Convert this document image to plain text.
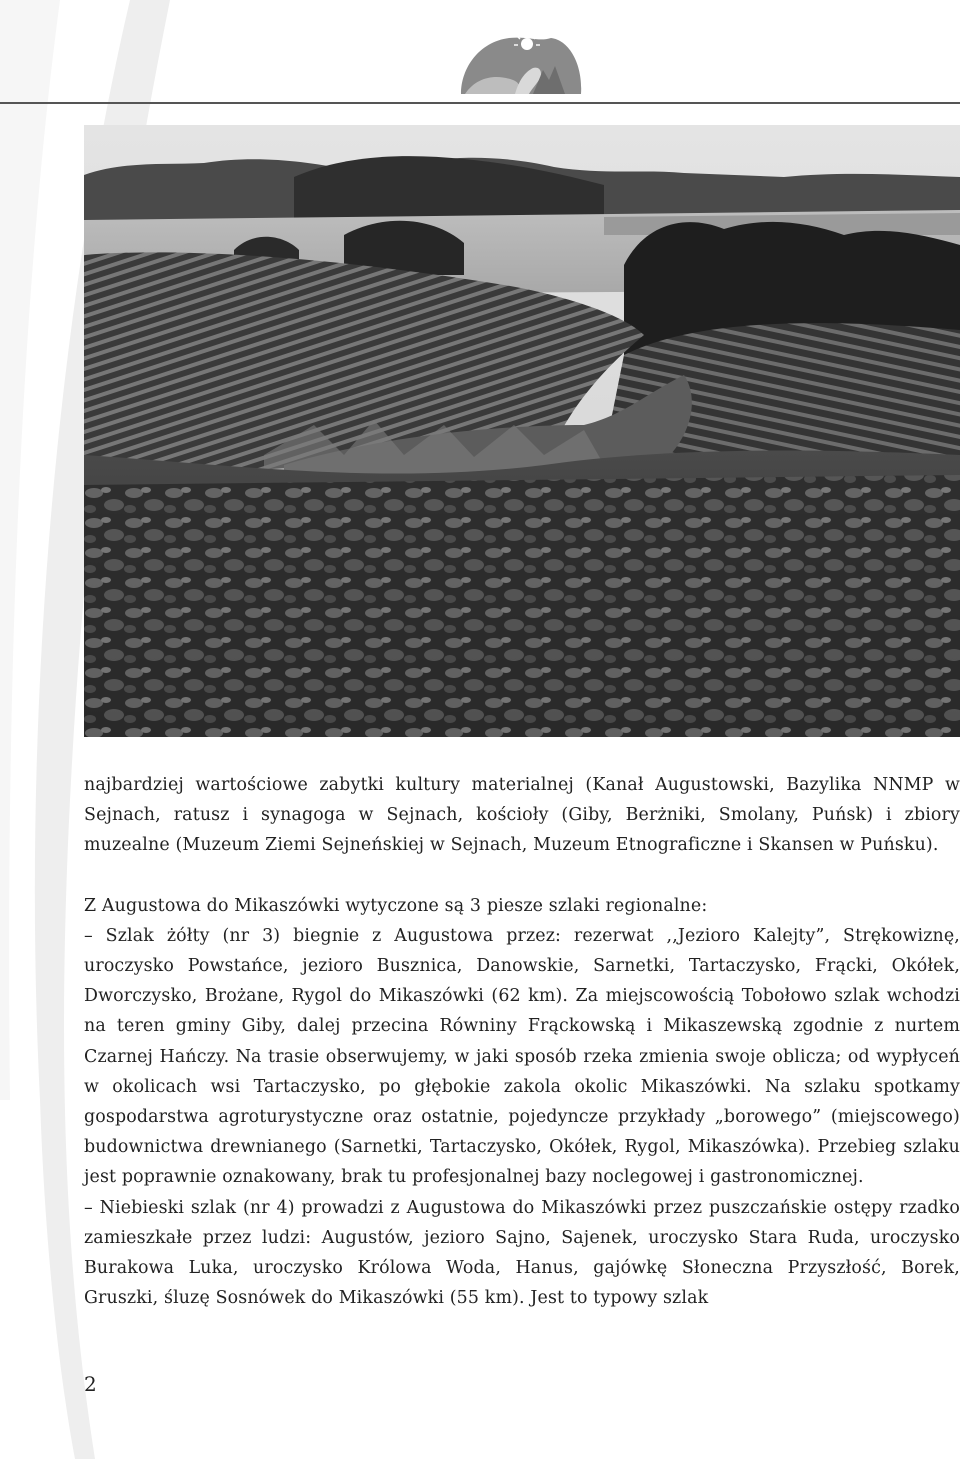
najbardziej wartościowe zabytki kultury materialnej (Kanał Augustowski, Bazylika NNMP w Sejnach, ratusz i synagoga w Sejnach, kościoły (Giby, Berżniki, Smolany, Puńsk) i zbiory muzealne (Muzeum Ziemi Sejneńskiej w Sejnach, Muzeum Etnograficzne i Skansen w Puńsku).

Z Augustowa do Mikaszówki wytyczone są 3 piesze szlaki regionalne:

– Szlak żółty (nr 3) biegnie z Augustowa przez: rezerwat ,,Jezioro Kalejty”, Strękowiznę, uroczysko Powstańce, jezioro Busznica, Danowskie, Sarnetki, Tartaczysko, Frącki, Okółek, Dworczysko, Brożane, Rygol do Mikaszówki (62 km). Za miejscowością Tobołowo szlak wchodzi na teren gminy Giby, dalej przecina Równiny Frąckowską i Mikaszewską zgodnie z nurtem Czarnej Hańczy. Na trasie obserwujemy, w jaki sposób rzeka zmienia swoje oblicza; od wypłyceń w okolicach wsi Tartaczysko, po głębokie zakola okolic Mikaszówki. Na szlaku spotkamy gospodarstwa agroturystyczne oraz ostatnie, pojedyncze przykłady „borowego” (miejscowego) budownictwa drewnianego (Sarnetki, Tartaczysko, Okółek, Rygol, Mikaszówka). Przebieg szlaku jest poprawnie oznakowany, brak tu profesjonalnej bazy noclegowej i gastronomicznej.

– Niebieski szlak (nr 4) prowadzi z Augustowa do Mikaszówki przez puszczańskie ostępy rzadko zamieszkałe przez ludzi: Augustów, jezioro Sajno, Sajenek, uroczysko Stara Ruda, uroczysko Burakowa Luka, uroczysko Królowa Woda, Hanus, gajówkę Słoneczna Przyszłość, Borek, Gruszki, śluzę Sosnówek do Mikaszówki (55 km). Jest to typowy szlak

2
